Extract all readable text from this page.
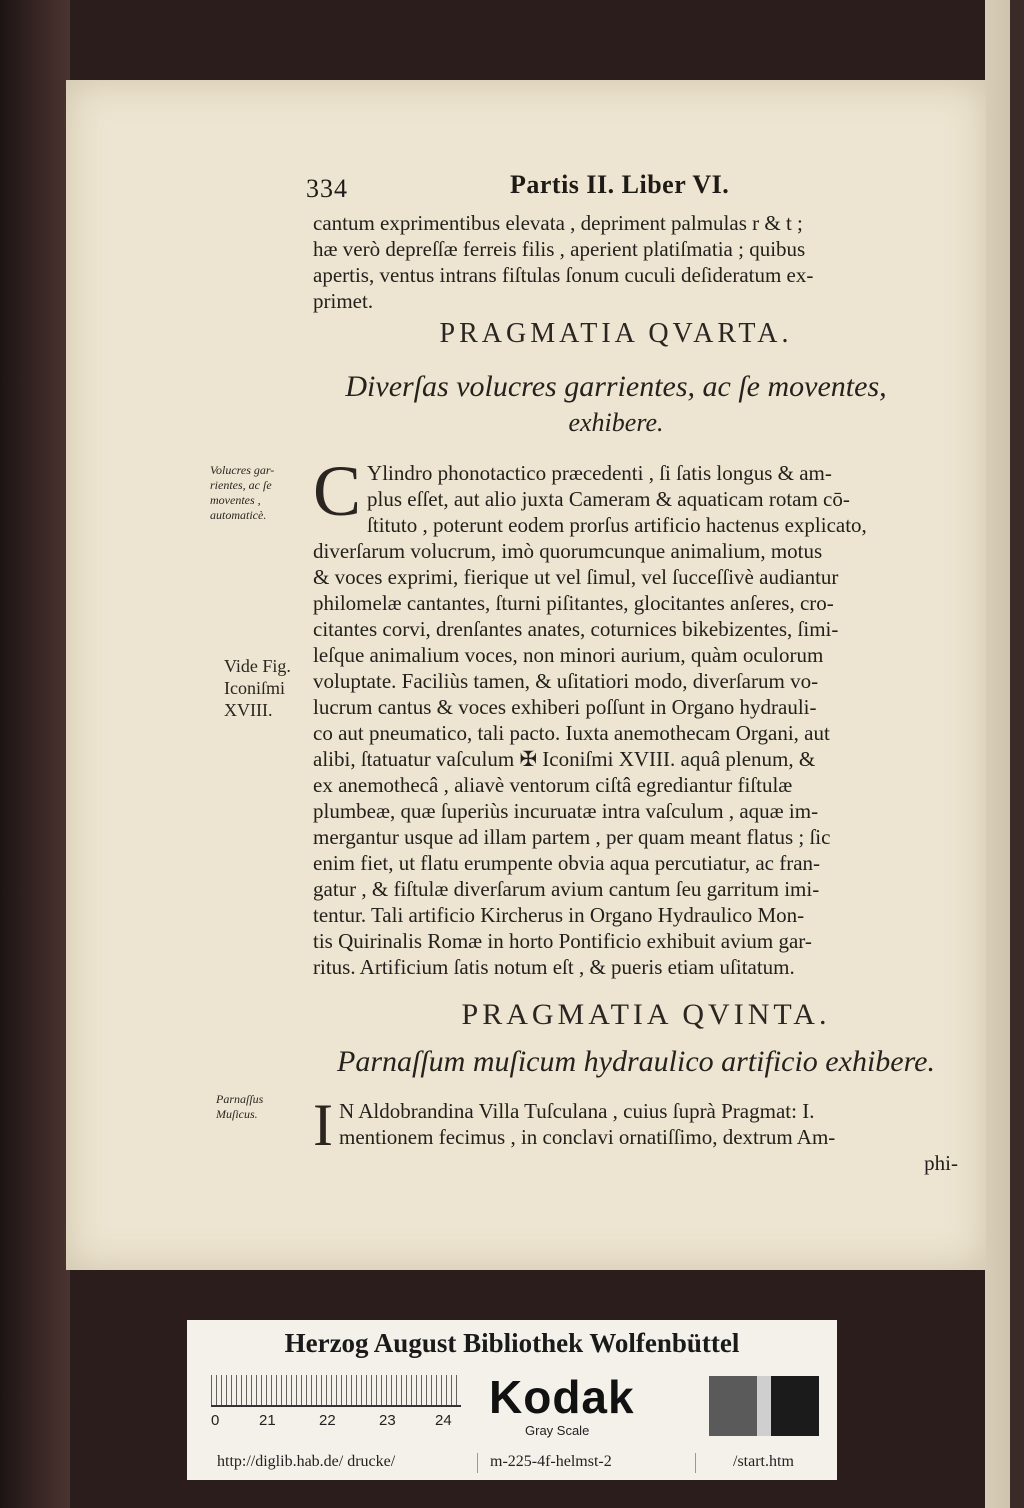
334	Partis II. Liber VI.
cantum exprimentibus elevata , depriment palmulas r & t ;
hæ verò depreſſæ ferreis filis , aperient platiſmatia ; quibus
apertis, ventus intrans fiſtulas ſonum cuculi deſideratum ex-
primet.
PRAGMATIA QVARTA.
Diverſas volucres garrientes, ac ſe moventes,
exhibere.
Volucres gar-
rientes, ac ſe
moventes ,
automaticè.
Vide Fig.
Iconiſmi
XVIII.
Parnaſſus
Muſicus.
C Ylindro phonotactico præcedenti , ſi ſatis longus & am-
plus eſſet, aut alio juxta Cameram & aquaticam rotam cō-
ſtituto , poterunt eodem prorſus artificio hactenus explicato,
diverſarum volucrum, imò quorumcunque animalium, motus
& voces exprimi, fierique ut vel ſimul, vel ſucceſſivè audiantur
philomelæ cantantes, ſturni piſitantes, glocitantes anſeres, cro-
citantes corvi, drenſantes anates, coturnices bikebizentes, ſimi-
leſque animalium voces, non minori aurium, quàm oculorum
voluptate. Faciliùs tamen, & uſitatiori modo, diverſarum vo-
lucrum cantus & voces exhiberi poſſunt in Organo hydrauli-
co aut pneumatico, tali pacto. Iuxta anemothecam Organi, aut
alibi, ſtatuatur vaſculum ✠ Iconiſmi XVIII. aquâ plenum, &
ex anemothecâ , aliavè ventorum ciſtâ egrediantur fiſtulæ
plumbeæ, quæ ſuperiùs incuruatæ intra vaſculum , aquæ im-
mergantur usque ad illam partem , per quam meant flatus ; ſic
enim fiet, ut flatu erumpente obvia aqua percutiatur, ac fran-
gatur , & fiſtulæ diverſarum avium cantum ſeu garritum imi-
tentur. Tali artificio Kircherus in Organo Hydraulico Mon-
tis Quirinalis Romæ in horto Pontificio exhibuit avium gar-
ritus. Artificium ſatis notum eſt , & pueris etiam uſitatum.
PRAGMATIA QVINTA.
Parnaſſum muſicum hydraulico artificio exhibere.
I N Aldobrandina Villa Tuſculana , cuius ſuprà Pragmat: I.
mentionem fecimus , in conclavi ornatiſſimo, dextrum Am-
phi-
Herzog August Bibliothek Wolfenbüttel
0	21	22	23	24 Kodak
Gray Scale
http://diglib.hab.de/ drucke/	m-225-4f-helmst-2	/start.htm
